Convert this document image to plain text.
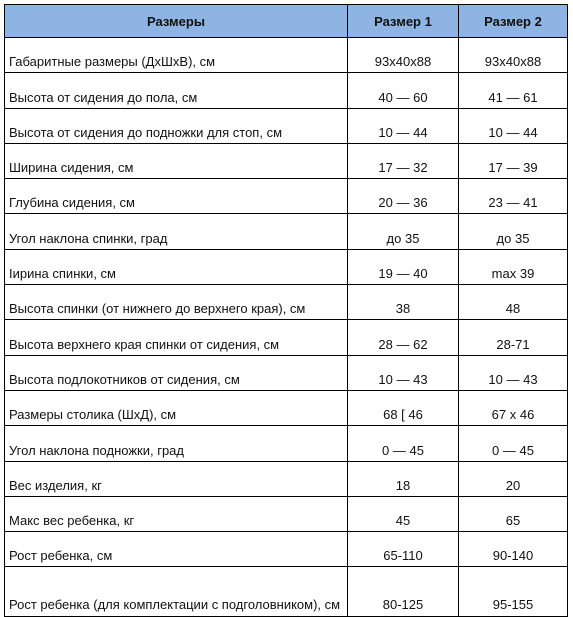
Размеры	Размер 1	Размер 2
Габаритные размеры (ДхШхВ), см	93х40х88	93х40х88
Высота от сидения до пола, см	40 — 60	41 — 61
Высота от сидения до подножки для стоп, см	10 — 44	10 — 44
Ширина сидения, см	17 — 32	17 — 39
Глубина сидения, см	20 — 36	23 — 41
Угол наклона спинки, град	до 35	до 35
Іирина спинки, см	19 — 40	max 39
Высота спинки (от нижнего до верхнего края), см	38	48
Высота верхнего края спинки от сидения, см	28 — 62	28-71
Высота подлокотников от сидения, см	10 — 43	10 — 43
Размеры столика (ШхД), см	68 [ 46	67 х 46
Угол наклона подножки, град	0 — 45	0 — 45
Вес изделия, кг	18	20
Макс вес ребенка, кг	45	65
Рост ребенка, см	65-110	90-140
Рост ребенка (для комплектации с подголовником), см	80-125	95-155
